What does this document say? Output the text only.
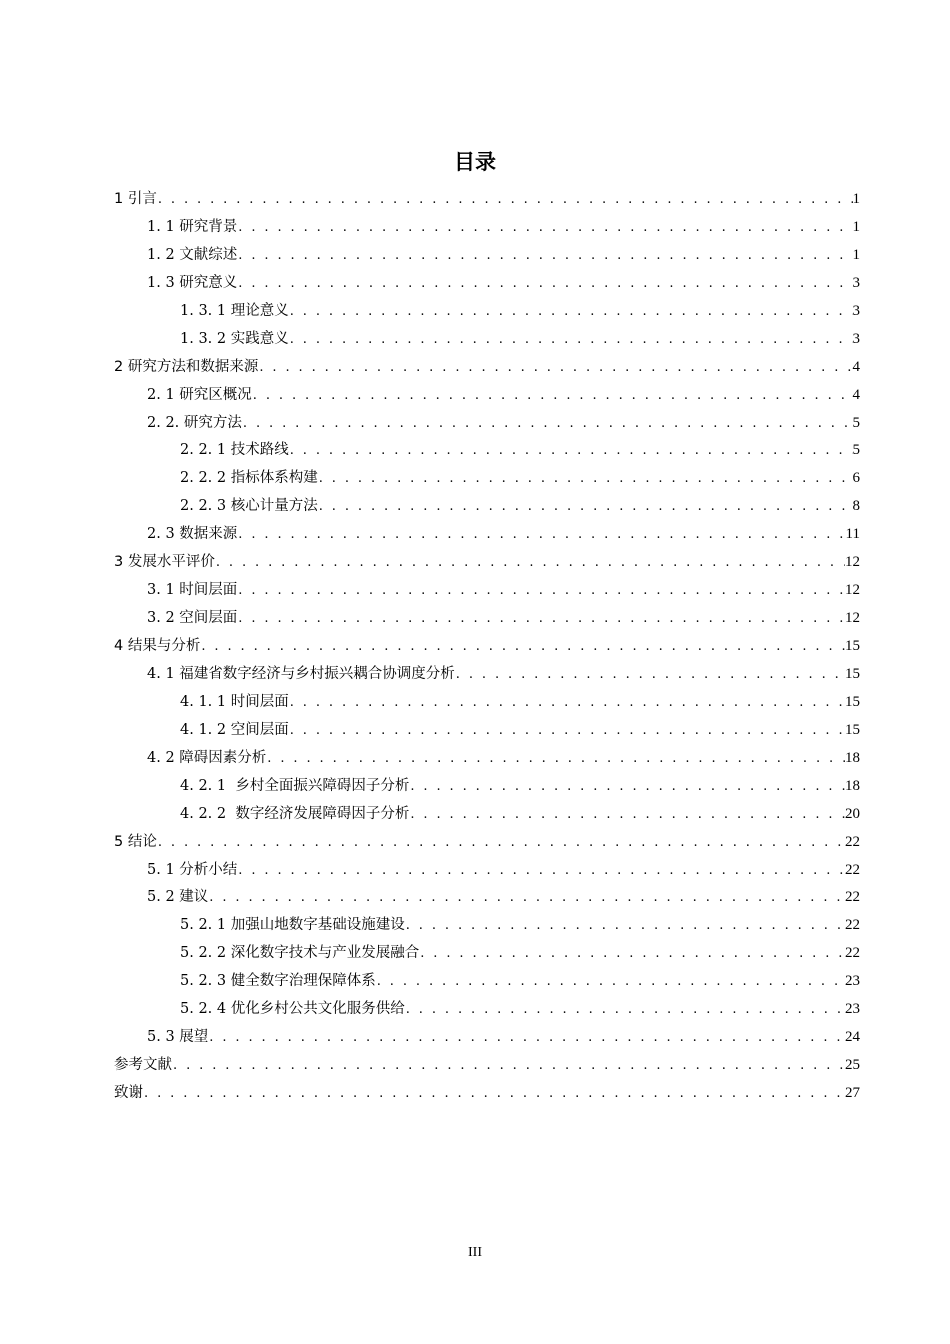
目录
1 引言 . . .	1
1. 1 研究背景 . . .	1
1. 2 文献综述 . . .	1
1. 3 研究意义 . . .	3
1. 3. 1 理论意义 . . .	3
1. 3. 2 实践意义 . . .	3
2 研究方法和数据来源 . . .	4
2. 1 研究区概况 . . .	4
2. 2. 研究方法 . . .	5
2. 2. 1 技术路线 . . .	5
2. 2. 2 指标体系构建 . . .	6
2. 2. 3 核心计量方法 . . .	8
2. 3 数据来源 . . .	11
3 发展水平评价 . . .	12
3. 1 时间层面 . . .	12
3. 2 空间层面 . . .	12
4 结果与分析 . . .	15
4. 1 福建省数字经济与乡村振兴耦合协调度分析 . . .	15
4. 1. 1 时间层面 . . .	15
4. 1. 2 空间层面 . . .	15
4. 2 障碍因素分析 . . .	18
4. 2. 1  乡村全面振兴障碍因子分析 . . .	18
4. 2. 2  数字经济发展障碍因子分析 . . .	20
5 结论 . . .	22
5. 1 分析小结 . . .	22
5. 2 建议 . . .	22
5. 2. 1 加强山地数字基础设施建设 . . .	22
5. 2. 2 深化数字技术与产业发展融合 . . .	22
5. 2. 3 健全数字治理保障体系 . . .	23
5. 2. 4 优化乡村公共文化服务供给 . . .	23
5. 3 展望 . . .	24
参考文献 . . .	25
致谢 . . .	27
III
